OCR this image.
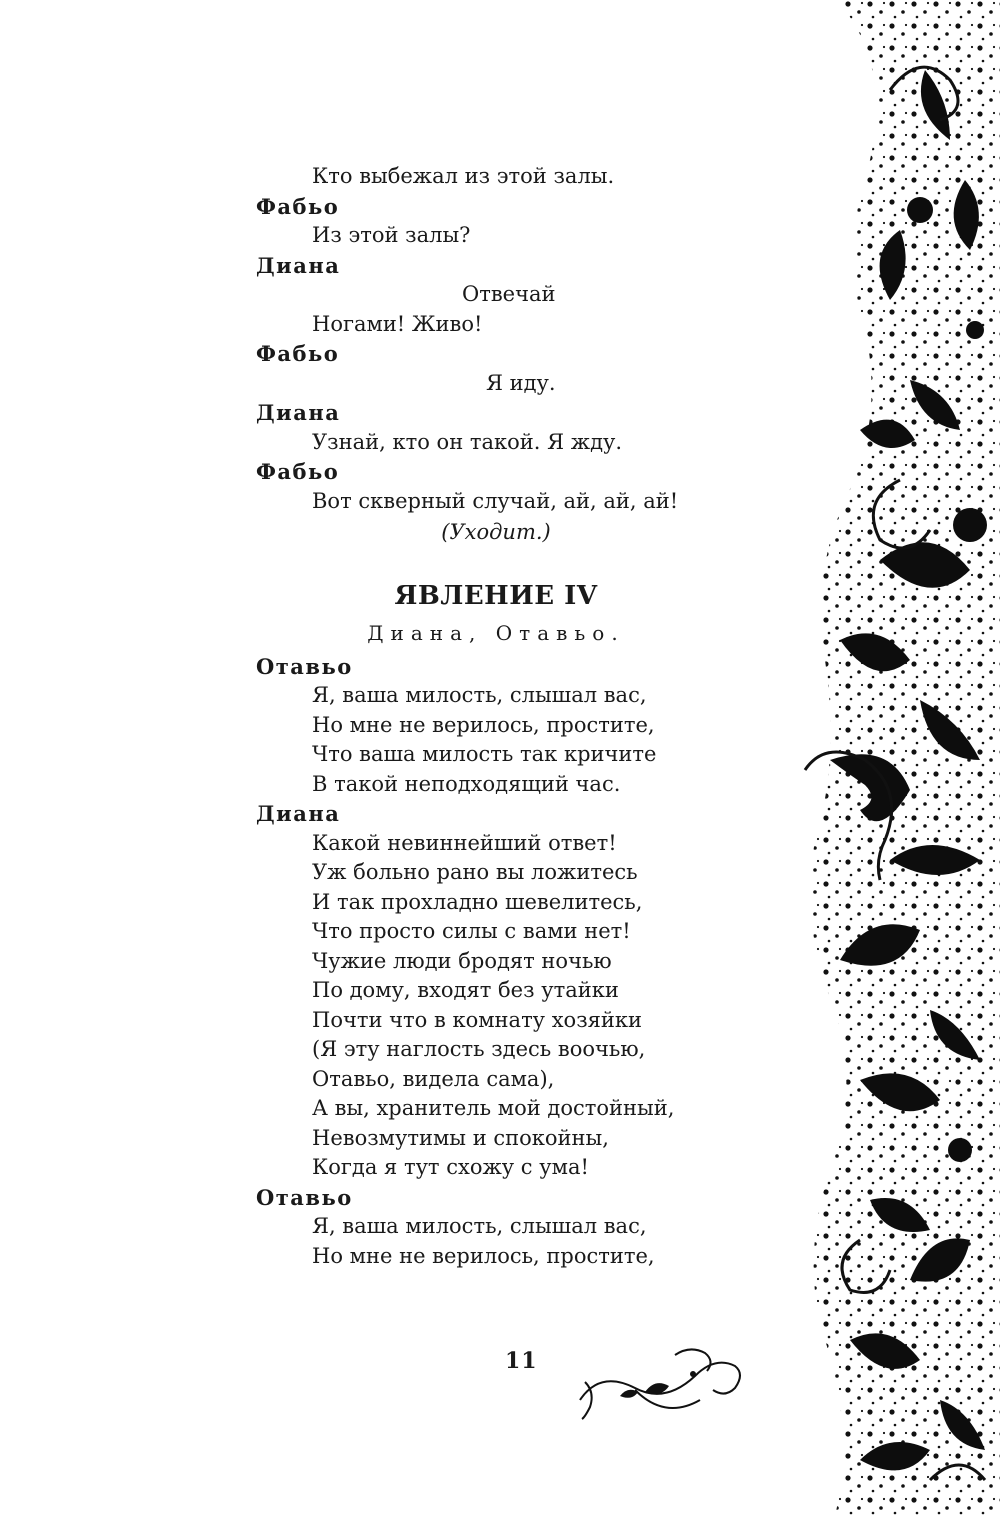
Кто выбежал из этой залы.
Фабьо
Из этой залы?
Диана
Отвечай
Ногами! Живо!
Фабьо
Я иду.
Диана
Узнай, кто он такой. Я жду.
Фабьо
Вот скверный случай, ай, ай, ай!
(Уходит.)
ЯВЛЕНИЕ IV
Диана, Отавьо.
Отавьо
Я, ваша милость, слышал вас,
Но мне не верилось, простите,
Что ваша милость так кричите
В такой неподходящий час.
Диана
Какой невиннейший ответ!
Уж больно рано вы ложитесь
И так прохладно шевелитесь,
Что просто силы с вами нет!
Чужие люди бродят ночью
По дому, входят без утайки
Почти что в комнату хозяйки
(Я эту наглость здесь воочью,
Отавьо, видела сама),
А вы, хранитель мой достойный,
Невозмутимы и спокойны,
Когда я тут схожу с ума!
Отавьо
Я, ваша милость, слышал вас,
Но мне не верилось, простите,
11
